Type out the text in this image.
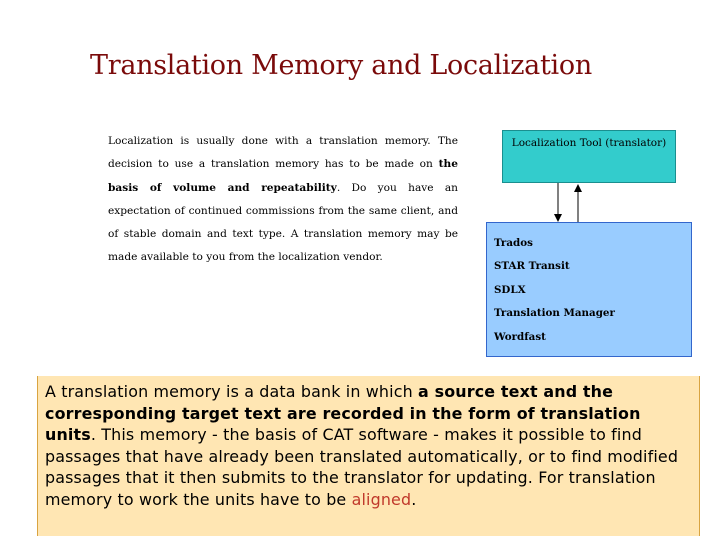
Translation Memory and Localization
Localization is usually done with a translation memory. The decision to use a translation memory has to be made on the basis of volume and repeatability. Do you have an expectation of continued commissions from the same client, and of stable domain and text type. A translation memory may be made available to you from the localization vendor.
Localization Tool (translator)
Trados
STAR Transit
SDLX
Translation Manager
Wordfast
A translation memory is a data bank in which a source text and the corresponding target text are recorded in the form of translation units. This memory - the basis of CAT software - makes it possible to find passages that have already been translated automatically, or to find modified passages that it then submits to the translator for updating. For translation memory to work the units have to be aligned.
